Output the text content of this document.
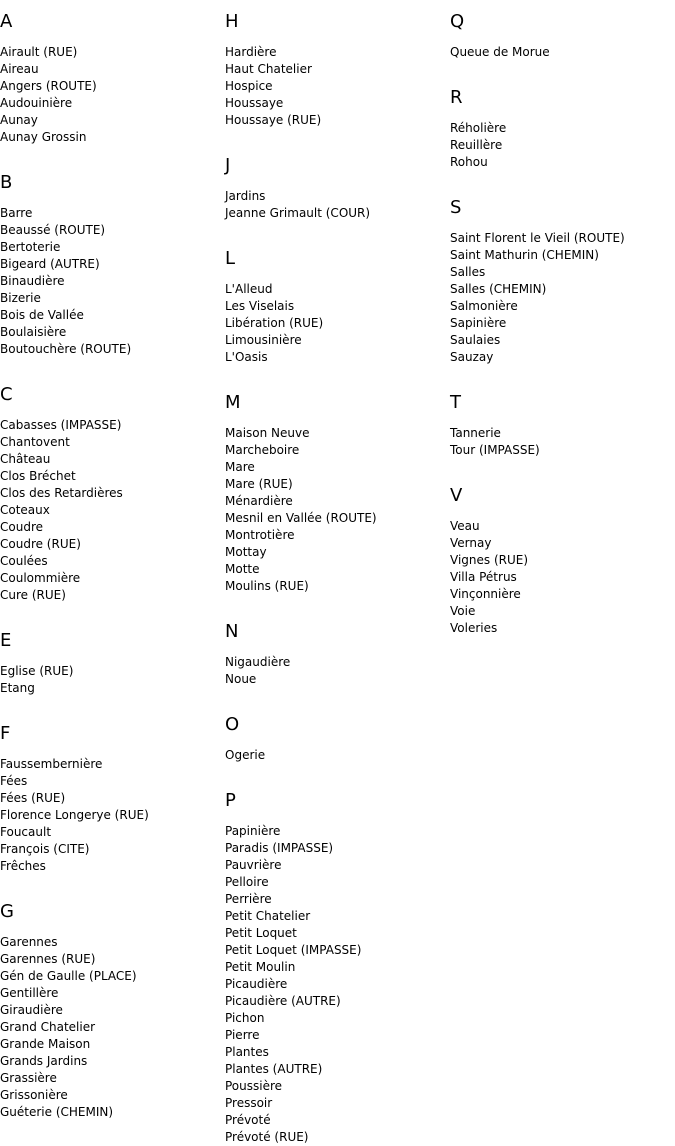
A
Airault (RUE)
Aireau
Angers (ROUTE)
Audouinière
Aunay
Aunay Grossin
B
Barre
Beaussé (ROUTE)
Bertoterie
Bigeard (AUTRE)
Binaudière
Bizerie
Bois de Vallée
Boulaisière
Boutouchère (ROUTE)
C
Cabasses (IMPASSE)
Chantovent
Château
Clos Bréchet
Clos des Retardières
Coteaux
Coudre
Coudre (RUE)
Coulées
Coulommière
Cure (RUE)
E
Eglise (RUE)
Etang
F
Faussembernière
Fées
Fées (RUE)
Florence Longerye (RUE)
Foucault
François (CITE)
Frêches
G
Garennes
Garennes (RUE)
Gén de Gaulle (PLACE)
Gentillère
Giraudière
Grand Chatelier
Grande Maison
Grands Jardins
Grassière
Grissonière
Guéterie (CHEMIN)
H
Hardière
Haut Chatelier
Hospice
Houssaye
Houssaye (RUE)
J
Jardins
Jeanne Grimault (COUR)
L
L'Alleud
Les Viselais
Libération (RUE)
Limousinière
L'Oasis
M
Maison Neuve
Marcheboire
Mare
Mare (RUE)
Ménardière
Mesnil en Vallée (ROUTE)
Montrotière
Mottay
Motte
Moulins (RUE)
N
Nigaudière
Noue
O
Ogerie
P
Papinière
Paradis (IMPASSE)
Pauvrière
Pelloire
Perrière
Petit Chatelier
Petit Loquet
Petit Loquet (IMPASSE)
Petit Moulin
Picaudière
Picaudière (AUTRE)
Pichon
Pierre
Plantes
Plantes (AUTRE)
Poussière
Pressoir
Prévoté
Prévoté (RUE)
Q
Queue de Morue
R
Réholière
Reuillère
Rohou
S
Saint Florent le Vieil (ROUTE)
Saint Mathurin (CHEMIN)
Salles
Salles (CHEMIN)
Salmonière
Sapinière
Saulaies
Sauzay
T
Tannerie
Tour (IMPASSE)
V
Veau
Vernay
Vignes (RUE)
Villa Pétrus
Vinçonnière
Voie
Voleries
